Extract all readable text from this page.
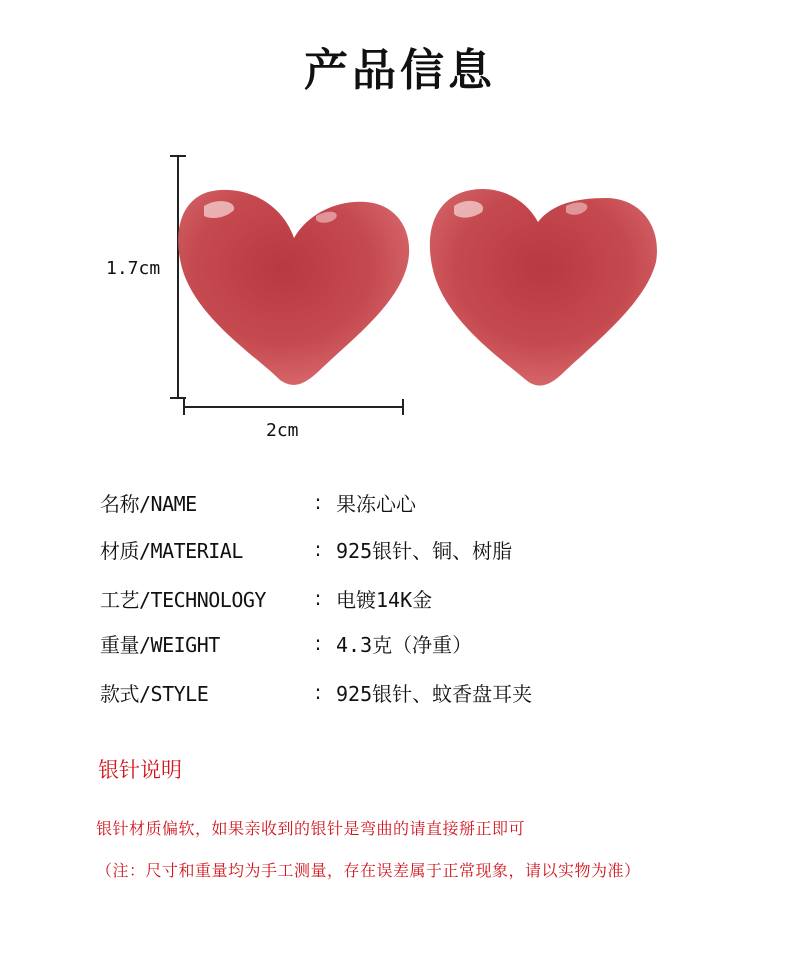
产品信息
1.7cm
2cm
名称/NAME	: 果冻心心
材质/MATERIAL	: 925银针、铜、树脂
工艺/TECHNOLOGY	: 电镀14K金
重量/WEIGHT	: 4.3克（净重）
款式/STYLE	: 925银针、蚊香盘耳夹
银针说明
银针材质偏软，如果亲收到的银针是弯曲的请直接掰正即可
（注：尺寸和重量均为手工测量，存在误差属于正常现象，请以实物为准）
